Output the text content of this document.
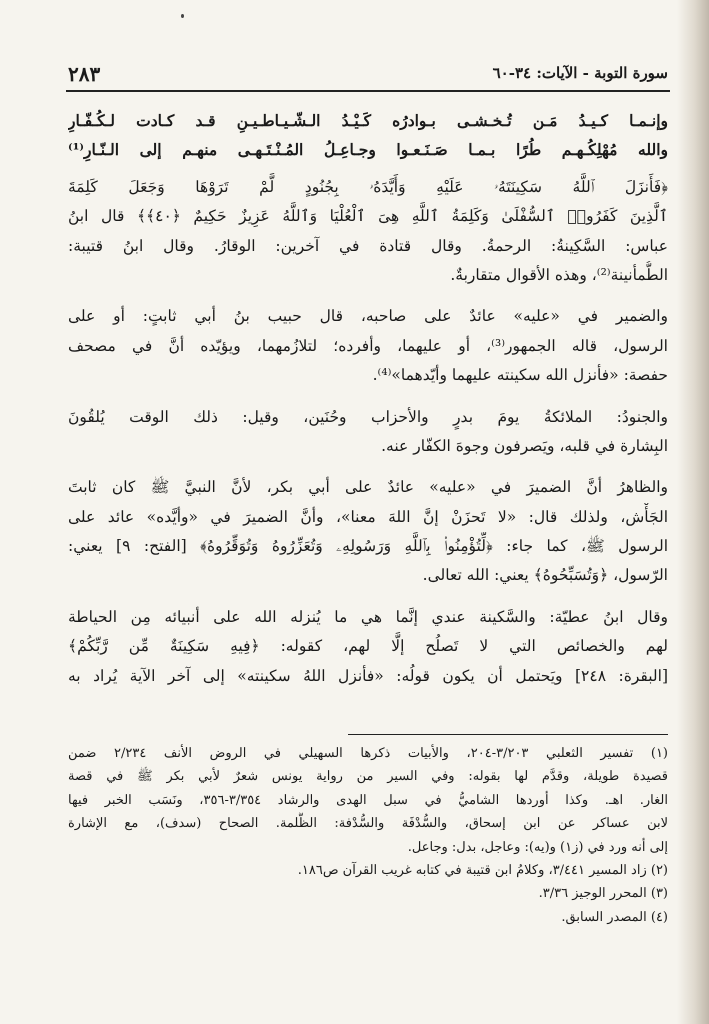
٢٨٣	سورة التوبة - الآيات: ٣٤-٦٠
وإنـمـا كـيـدُ مَـن تُـخـشـى بـوادرُه كَـيْـدُ الـشّـيـاطـيـنِ قـد كـادت لـكُـفّـارِ
والله مُهْلِكُـهـم طُرًا بـمـا صَـنَـعـوا وجـاعِـلُ المُـنْـتَـهـى منهـم إلى الـنّـارِ⁽¹⁾
﴿فَأَنزَلَ ٱللَّهُ سَكِينَتَهُۥ عَلَيْهِ وَأَيَّدَهُۥ بِجُنُودٍ لَّمْ تَرَوْهَا وَجَعَلَ كَلِمَةَ
ٱلَّذِينَ كَفَرُوا۟ ٱلسُّفْلَىٰ وَكَلِمَةُ ٱللَّهِ هِىَ ٱلْعُلْيَا وَٱللَّهُ عَزِيزٌ حَكِيمٌ ﴿٤٠﴾﴾ قال ابنُ
عباس: السَّكِينةُ: الرحمةُ. وقال قتادة في آخرين: الوقارُ. وقال ابنُ قتيبة:
الطُّمأنينة⁽²⁾، وهذه الأقوال متقاربةٌ.
والضمير في «عليه» عائدٌ على صاحبه، قال حبيب بنُ أبي ثابتٍ: أو على
الرسول، قاله الجمهور⁽³⁾، أو عليهما، وأفرده؛ لتلازُمهما، ويؤيّده أنَّ في مصحف
حفصة: «فأنزل الله سكينته عليهما وأيّدهما»⁽⁴⁾.
والجنودُ: الملائكةُ يومَ بدرٍ والأحزاب وحُنَين، وقيل: ذلك الوقت يُلقُونَ
البِشارة في قلبه، ويَصرفون وجوهَ الكفّار عنه.
والظاهرُ أنَّ الضميرَ في «عليه» عائدٌ على أبي بكر، لأنَّ النبيَّ ﷺ كان ثابتَ
الجَأْش، ولذلك قال: «لا تَحزَنْ إنَّ اللهَ معنا»، وأنَّ الضميرَ في «وأيَّده» عائد على
الرسول ﷺ، كما جاء: ﴿لِّتُؤْمِنُوا۟ بِٱللَّهِ وَرَسُولِهِۦ وَتُعَزِّرُوهُ وَتُوَقِّرُوهُ﴾ [الفتح: ٩] يعني:
الرّسول، ﴿وَتُسَبِّحُوهُ﴾ يعني: الله تعالى.
وقال ابنُ عطيّة: والسَّكينة عندي إنَّما هي ما يُنزله الله على أنبيائه مِن الحياطة
لهم والخصائص التي لا تَصلُح إلَّا لهم، كقوله: ﴿فِيهِ سَكِينَةٌ مِّن رَّبِّكُمْ﴾
[البقرة: ٢٤٨] ويَحتمل أن يكون قولُه: «فأنزل اللهُ سكينته» إلى آخر الآية يُراد به
(١) تفسير الثعلبي ٣/٢٠٣-٢٠٤، والأبيات ذكرها السهيلي في الروض الأنف ٢/٢٣٤ ضمن
قصيدة طويلة، وقدَّم لها بقوله: وفي السير من رواية يونس شعرٌ لأبي بكر ﷺ في قصة
الغار. اهـ. وكذا أوردها الشاميُّ في سبل الهدى والرشاد ٣/٣٥٤-٣٥٦، ونَسَب الخبر فيها
لابن عساكر عن ابن إسحاق، والسُّدْفَة والسُّدْفة: الظُّلمة. الصحاح (سدف)، مع الإشارة
إلى أنه ورد في (ز١) و(يه): وعاجل، بدل: وجاعل.
(٢) زاد المسير ٣/٤٤١، وكلامُ ابن قتيبة في كتابه غريب القرآن ص١٨٦.
(٣) المحرر الوجيز ٣/٣٦.
(٤) المصدر السابق.
